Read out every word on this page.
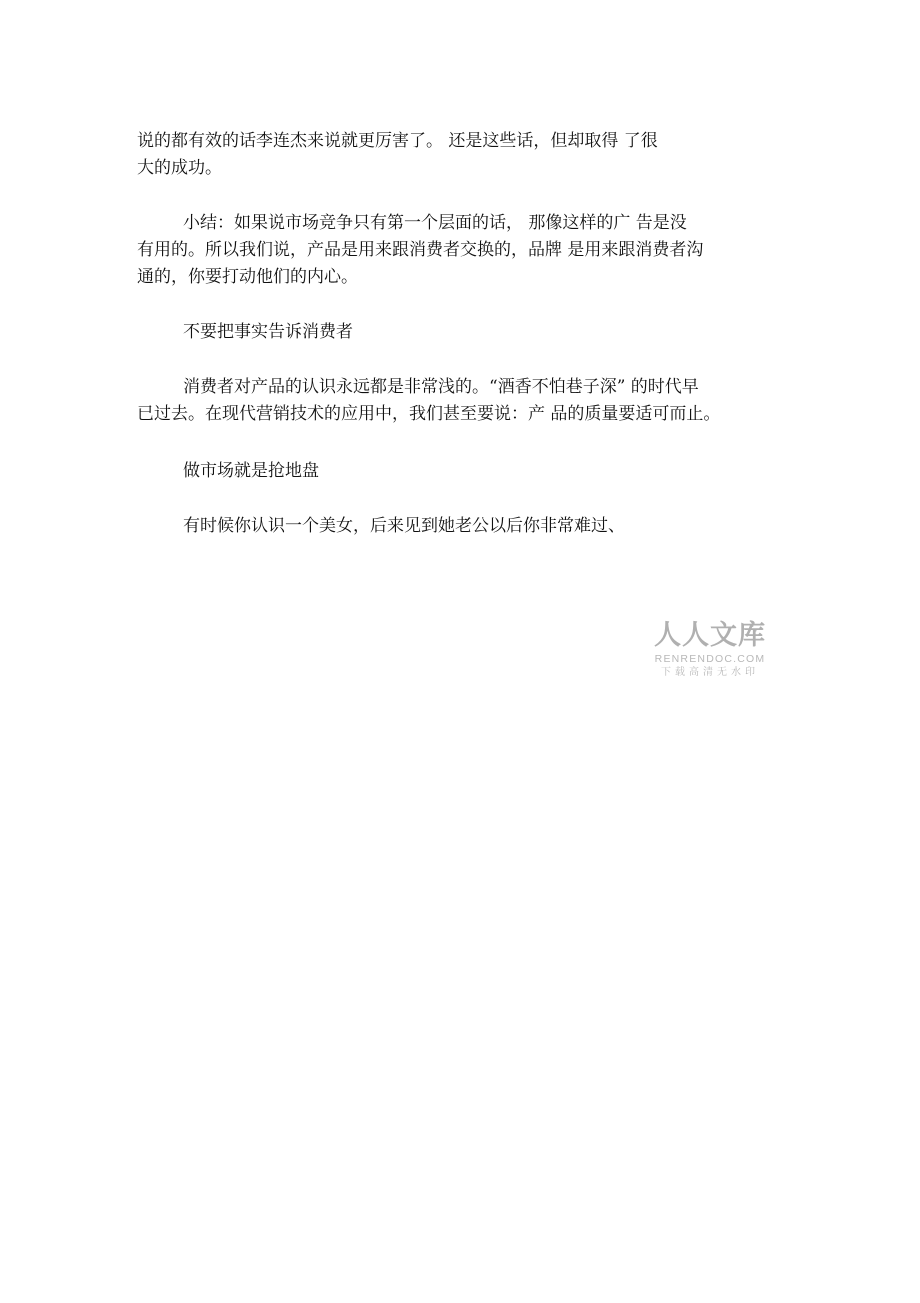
说的都有效的话李连杰来说就更厉害了。 还是这些话，但却取得 了很
大的成功。
小结：如果说市场竞争只有第一个层面的话， 那像这样的广 告是没
有用的。所以我们说，产品是用来跟消费者交换的，品牌 是用来跟消费者沟
通的，你要打动他们的内心。
不要把事实告诉消费者
消费者对产品的认识永远都是非常浅的。“酒香不怕巷子深” 的时代早
已过去。在现代营销技术的应用中，我们甚至要说：产 品的质量要适可而止。
做市场就是抢地盘
有时候你认识一个美女，后来见到她老公以后你非常难过、
人人文库
RENRENDOC.COM
下载高清无水印
